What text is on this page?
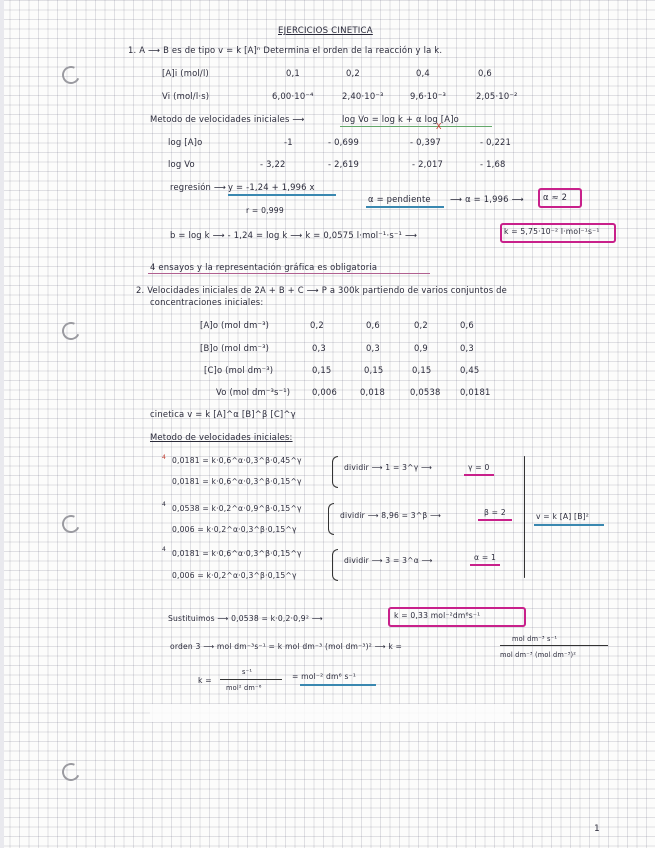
EJERCICIOS CINETICA
1. A ⟶ B es de tipo v = k [A]ⁿ Determina el orden de la reacción y la k.
[A]i (mol/l)	0,1	0,2	0,4	0,6
Vi (mol/l·s)	6,00·10⁻⁴	2,40·10⁻³	9,6·10⁻³	2,05·10⁻²
Metodo de velocidades iniciales ⟶	log Vo = log k + α log [A]o
X
log [A]o	-1	- 0,699	- 0,397	- 0,221
log Vo	- 3,22	- 2,619	- 2,017	- 1,68
regresión ⟶ y = -1,24 + 1,996 x
r = 0,999
α = pendiente ⟶ α = 1,996 ⟶ α ≈ 2
b = log k ⟶ - 1,24 = log k ⟶ k = 0,0575 l·mol⁻¹·s⁻¹ ⟶	k = 5,75·10⁻² l·mol⁻¹s⁻¹
4 ensayos y la representación gráfica es obligatoria
2. Velocidades iniciales de 2A + B + C ⟶ P a 300k partiendo de varios conjuntos de
concentraciones iniciales:
[A]o (mol dm⁻³)	0,2	0,6	0,2	0,6
[B]o (mol dm⁻³)	0,3	0,3	0,9	0,3
[C]o (mol dm⁻³)	0,15	0,15	0,15	0,45
Vo (mol dm⁻³s⁻¹)	0,006	0,018	0,0538 0,0181
cinetica v = k [A]^α [B]^β [C]^γ
Metodo de velocidades iniciales:
4 0,0181 = k·0,6^α·0,3^β·0,45^γ
0,0181 = k·0,6^α·0,3^β·0,15^γ
dividir ⟶ 1 = 3^γ ⟶	γ = 0
4 0,0538 = k·0,2^α·0,9^β·0,15^γ
0,006 = k·0,2^α·0,3^β·0,15^γ
dividir ⟶ 8,96 = 3^β ⟶	β = 2
4 0,0181 = k·0,6^α·0,3^β·0,15^γ
0,006 = k·0,2^α·0,3^β·0,15^γ
dividir ⟶ 3 = 3^α ⟶	α = 1
v = k [A] [B]²
Sustituimos ⟶ 0,0538 = k·0,2·0,9² ⟶	k = 0,33 mol⁻²dm⁶s⁻¹
orden 3 ⟶ mol dm⁻³s⁻¹ = k mol dm⁻³ (mol dm⁻³)² ⟶ k =
mol dm⁻³ s⁻¹
mol dm⁻³ (mol dm⁻³)²
k =
s⁻¹
mol² dm⁻⁶
= mol⁻² dm⁶ s⁻¹
1
